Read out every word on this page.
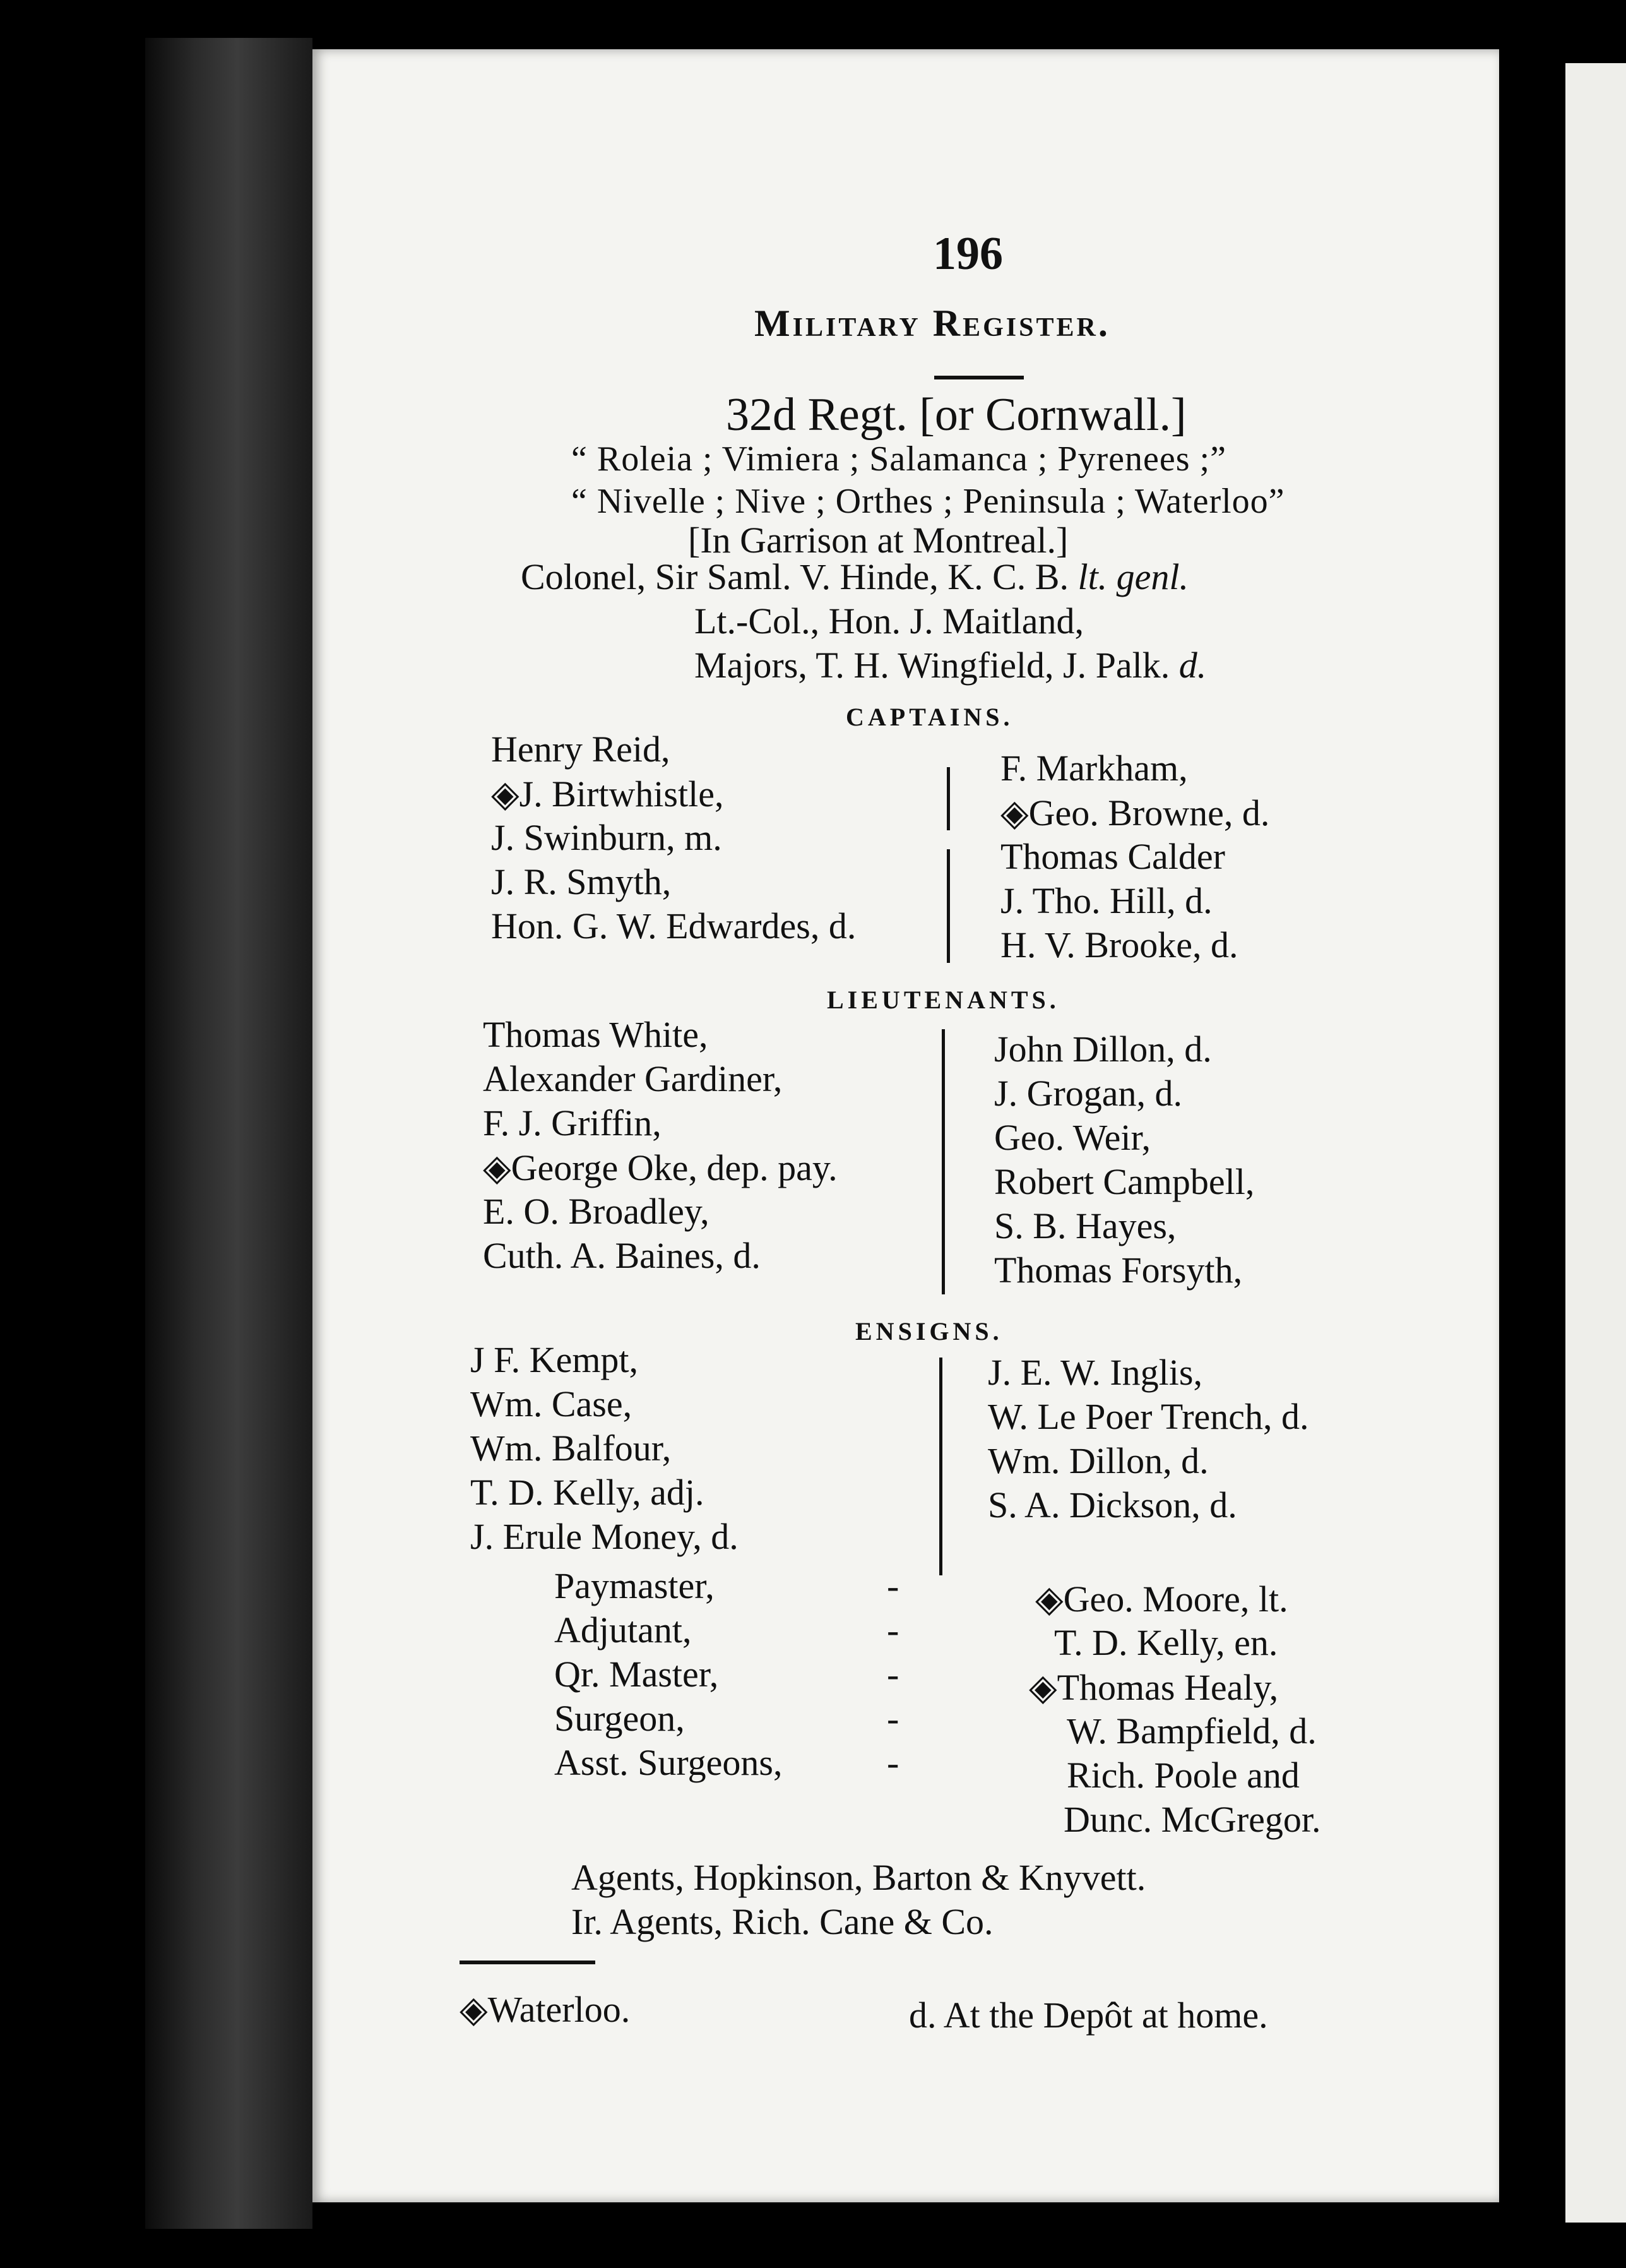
196
Military Register.
32d Regt. [or Cornwall.]
“ Roleia ; Vimiera ; Salamanca ; Pyrenees ;”
“ Nivelle ; Nive ; Orthes ; Peninsula ; Waterloo”
[In Garrison at Montreal.]
Colonel, Sir Saml. V. Hinde, K. C. B. lt. genl.
Lt.-Col., Hon. J. Maitland,
Majors, T. H. Wingfield, J. Palk. d.
CAPTAINS.
Henry Reid,
◈J. Birtwhistle,
J. Swinburn, m.
J. R. Smyth,
Hon. G. W. Edwardes, d.
F. Markham,
◈Geo. Browne, d.
Thomas Calder
J. Tho. Hill, d.
H. V. Brooke, d.
LIEUTENANTS.
Thomas White,
Alexander Gardiner,
F. J. Griffin,
◈George Oke, dep. pay.
E. O. Broadley,
Cuth. A. Baines, d.
John Dillon, d.
J. Grogan, d.
Geo. Weir,
Robert Campbell,
S. B. Hayes,
Thomas Forsyth,
ENSIGNS.
J F. Kempt,
Wm. Case,
Wm. Balfour,
T. D. Kelly, adj.
J. Erule Money, d.
J. E. W. Inglis,
W. Le Poer Trench, d.
Wm. Dillon, d.
S. A. Dickson, d.
Paymaster,
Adjutant,
Qr. Master,
Surgeon,
Asst. Surgeons,
-
-
-
-
-
◈Geo. Moore, lt.
T. D. Kelly, en.
◈Thomas Healy,
W. Bampfield, d.
Rich. Poole and
Dunc. McGregor.
Agents, Hopkinson, Barton & Knyvett.
Ir. Agents, Rich. Cane & Co.
◈Waterloo.	d. At the Depôt at home.
